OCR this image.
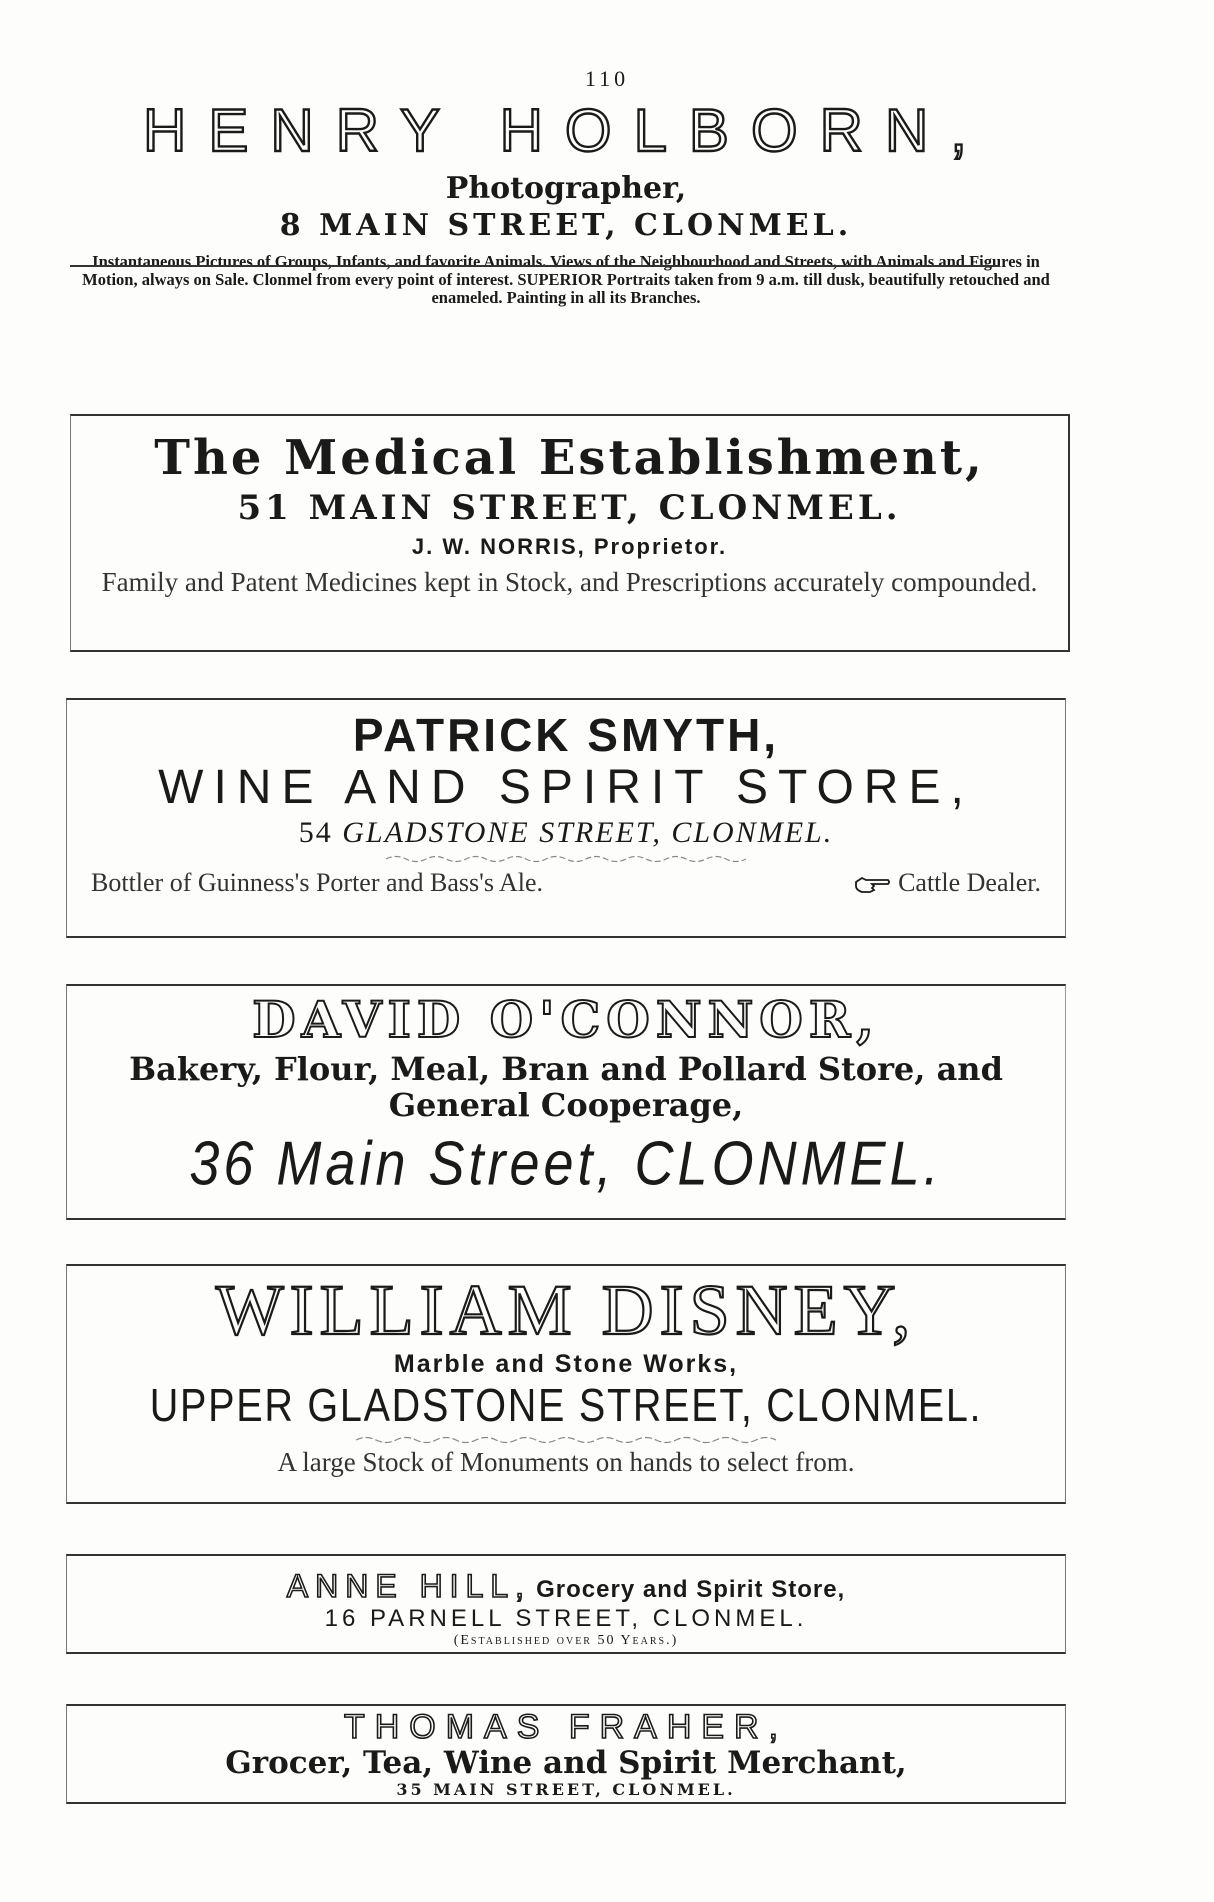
110
HENRY HOLBORN,
Photographer,
8 MAIN STREET, CLONMEL.
Instantaneous Pictures of Groups, Infants, and favorite Animals. Views of the Neighbourhood and Streets, with Animals and Figures in Motion, always on Sale. Clonmel from every point of interest. SUPERIOR Portraits taken from 9 a.m. till dusk, beautifully retouched and enameled. Painting in all its Branches.
The Medical Establishment,
51 MAIN STREET, CLONMEL.
J. W. NORRIS, Proprietor.
Family and Patent Medicines kept in Stock, and Prescriptions accurately compounded.
PATRICK SMYTH,
WINE AND SPIRIT STORE,
54 GLADSTONE STREET, CLONMEL.
Bottler of Guinness's Porter and Bass's Ale.	Cattle Dealer.
DAVID O'CONNOR,
Bakery, Flour, Meal, Bran and Pollard Store, and General Cooperage,
36 Main Street, CLONMEL.
WILLIAM DISNEY,
Marble and Stone Works,
UPPER GLADSTONE STREET, CLONMEL.
A large Stock of Monuments on hands to select from.
ANNE HILL, Grocery and Spirit Store,
16 PARNELL STREET, CLONMEL.
(Established over 50 Years.)
THOMAS FRAHER,
Grocer, Tea, Wine and Spirit Merchant,
35 MAIN STREET, CLONMEL.
